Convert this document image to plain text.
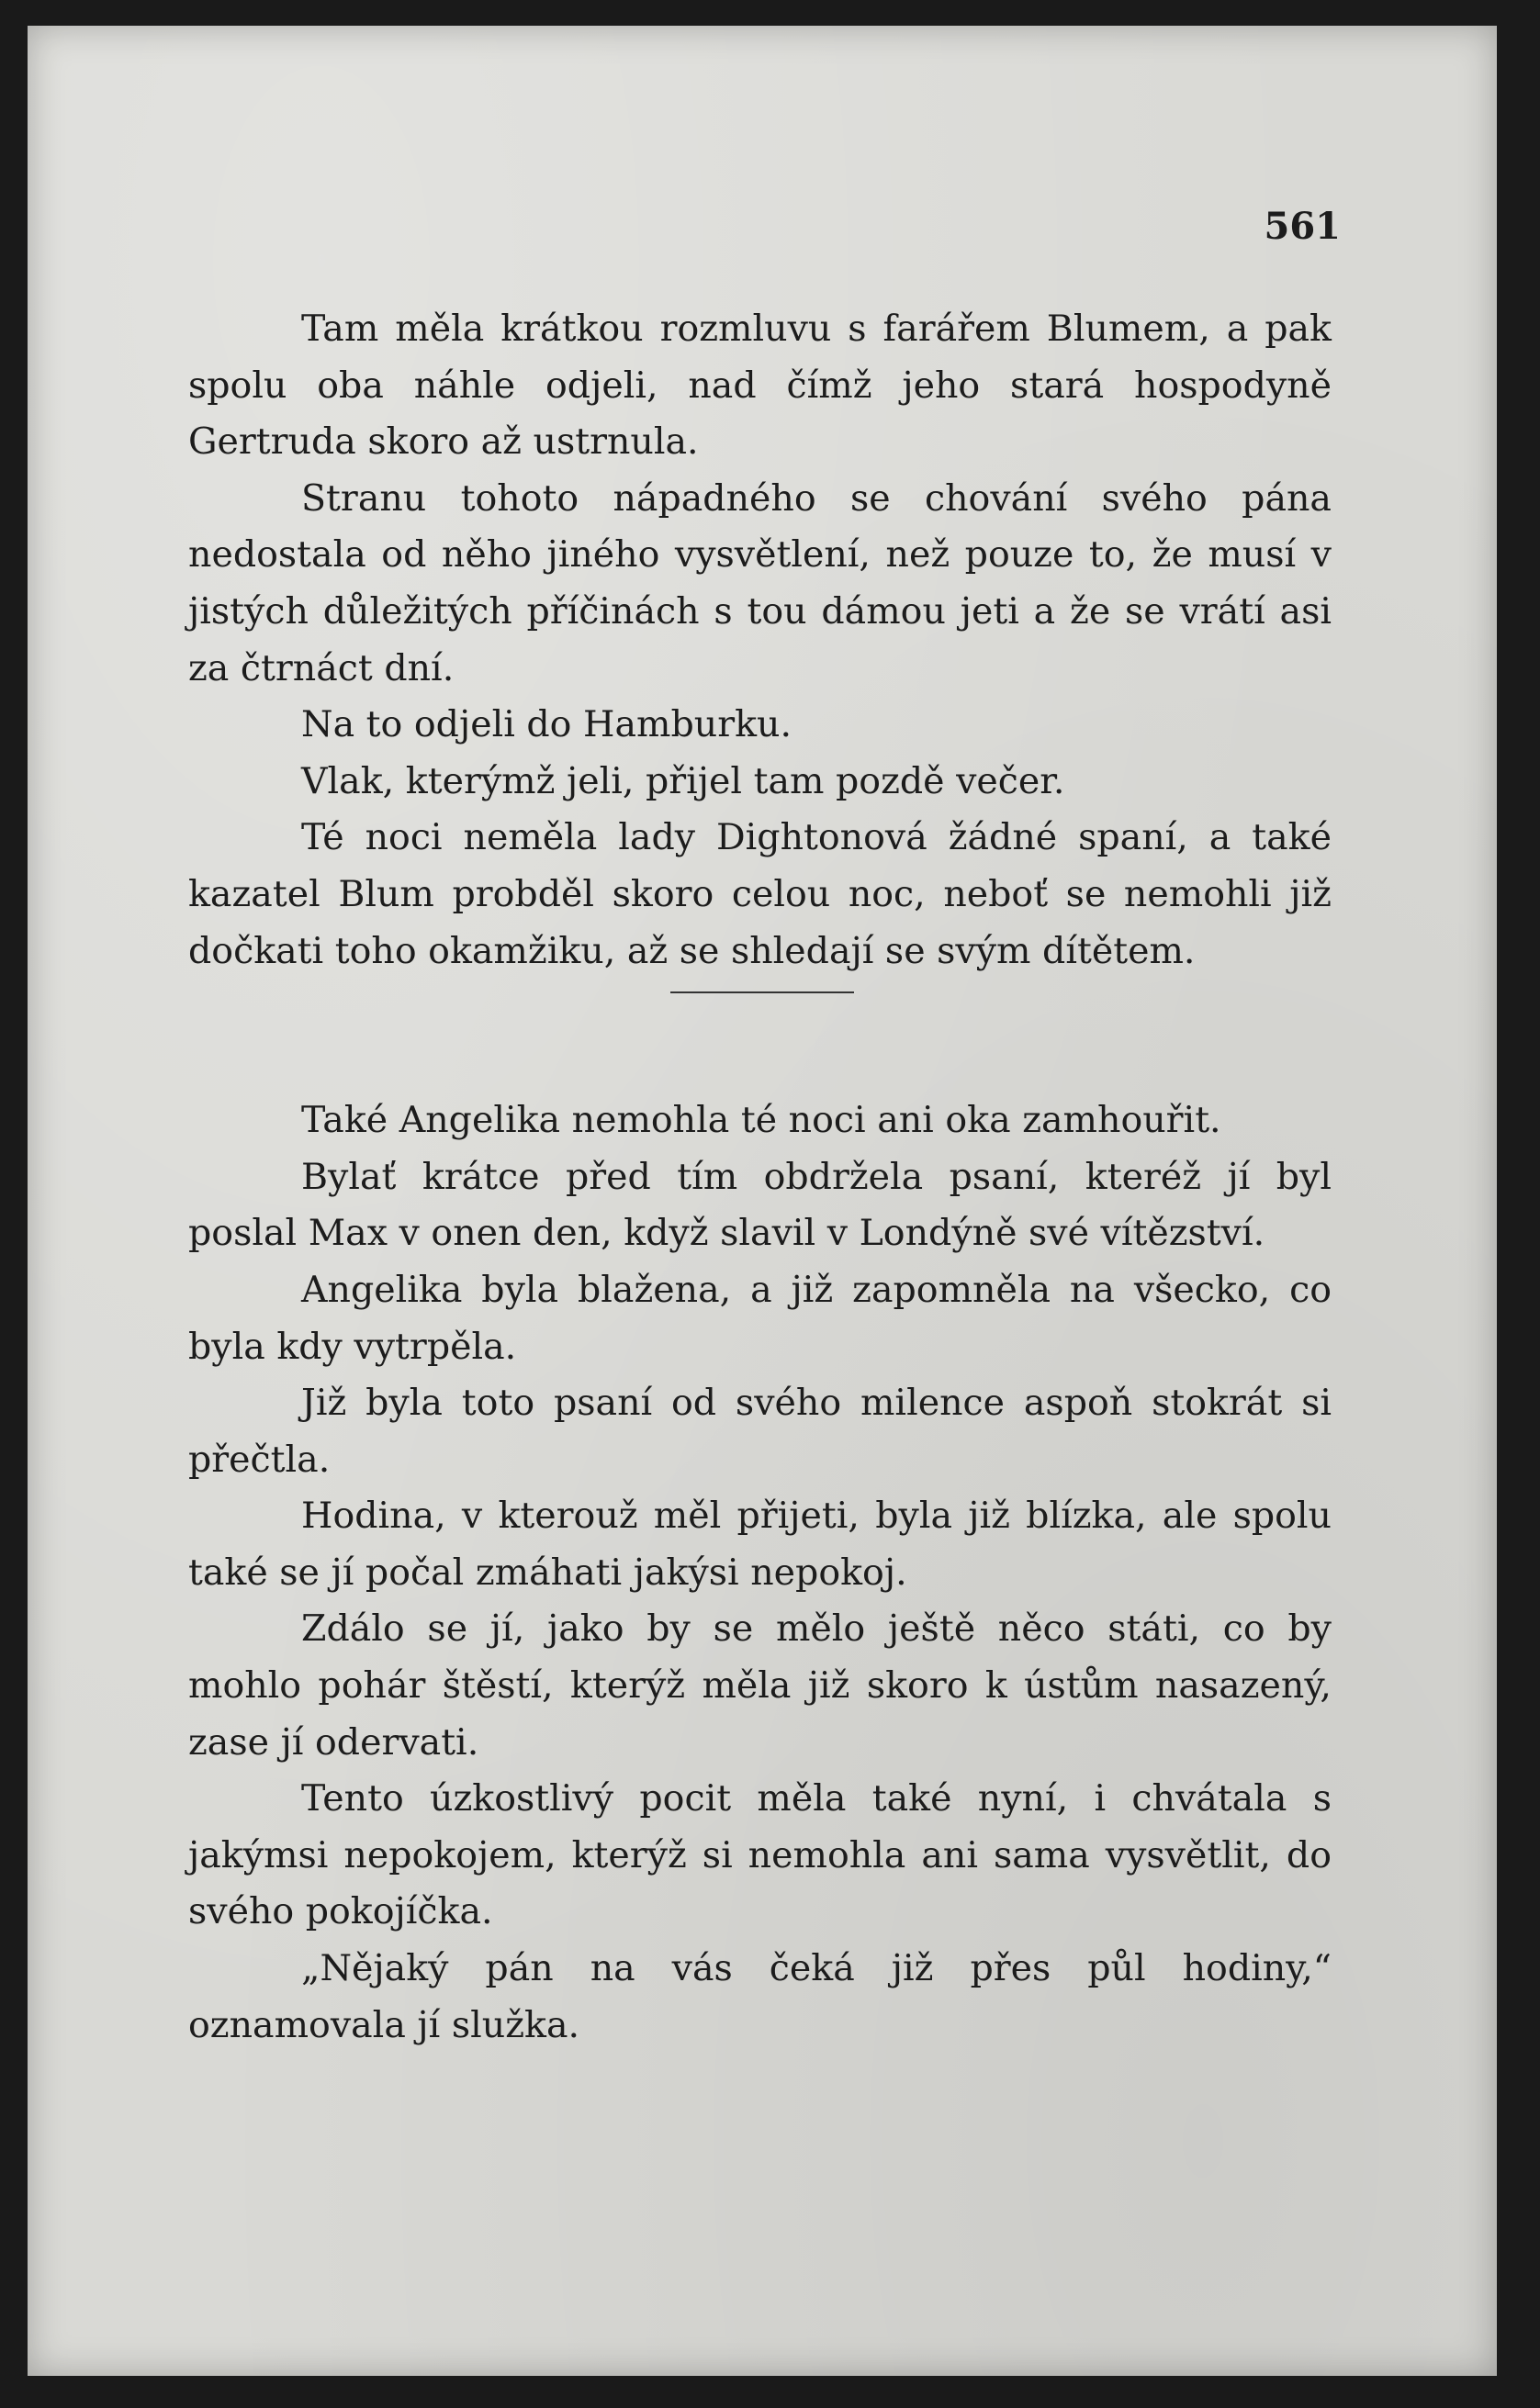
561

Tam měla krátkou rozmluvu s farářem Blumem, a pak spolu oba náhle odjeli, nad čímž jeho stará hospodyně Gertruda skoro až ustrnula.

Stranu tohoto nápadného se chování svého pána nedostala od něho jiného vysvětlení, než pouze to, že musí v jistých důležitých příčinách s tou dámou jeti a že se vrátí asi za čtrnáct dní.

Na to odjeli do Hamburku.

Vlak, kterýmž jeli, přijel tam pozdě večer.

Té noci neměla lady Dightonová žádné spaní, a také kazatel Blum probděl skoro celou noc, neboť se nemohli již dočkati toho okamžiku, až se shledají se svým dítětem.

Také Angelika nemohla té noci ani oka zamhouřit.

Bylať krátce před tím obdržela psaní, kteréž jí byl poslal Max v onen den, když slavil v Londýně své vítězství.

Angelika byla blažena, a již zapomněla na všecko, co byla kdy vytrpěla.

Již byla toto psaní od svého milence aspoň stokrát si přečtla.

Hodina, v kterouž měl přijeti, byla již blízka, ale spolu také se jí počal zmáhati jakýsi nepokoj.

Zdálo se jí, jako by se mělo ještě něco státi, co by mohlo pohár štěstí, kterýž měla již skoro k ústům nasazený, zase jí odervati.

Tento úzkostlivý pocit měla také nyní, i chvátala s jakýmsi nepokojem, kterýž si nemohla ani sama vysvětlit, do svého pokojíčka.

„Nějaký pán na vás čeká již přes půl hodiny,“ oznamovala jí služka.
